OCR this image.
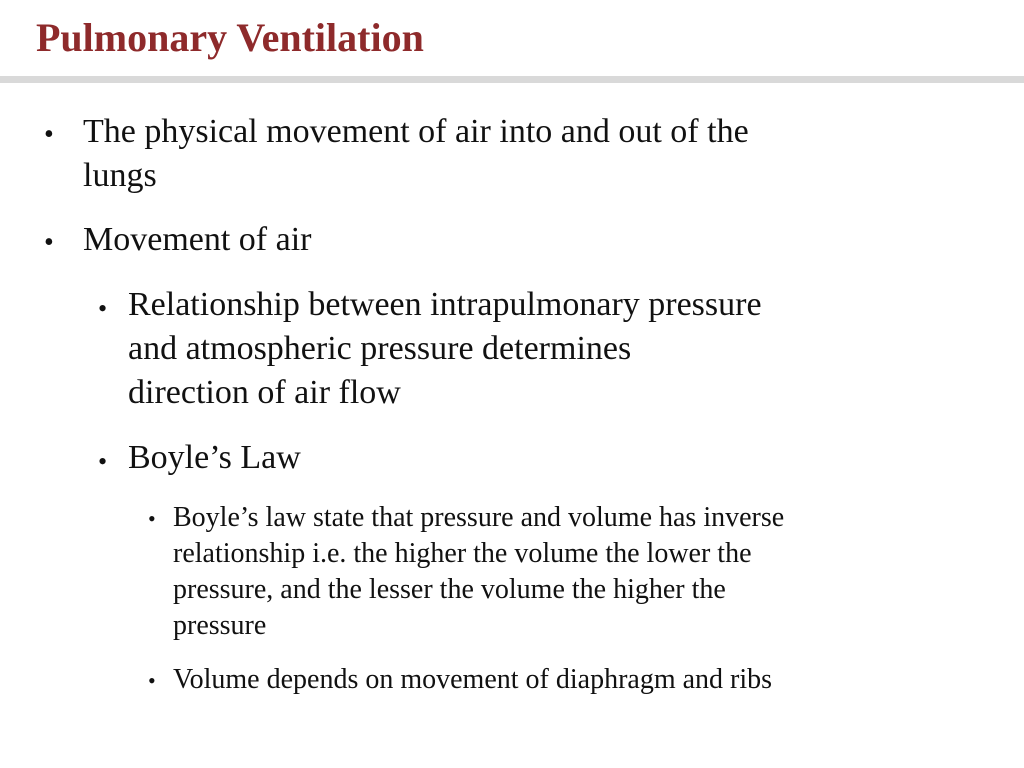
Pulmonary Ventilation
• The physical movement of air into and out of the
lungs
• Movement of air
• Relationship between intrapulmonary pressure
and atmospheric pressure determines
direction of air flow
• Boyle’s Law
• Boyle’s law state that pressure and volume has inverse
relationship i.e. the higher the volume the lower the
pressure, and the lesser the volume the higher the
pressure
• Volume depends on movement of diaphragm and ribs
